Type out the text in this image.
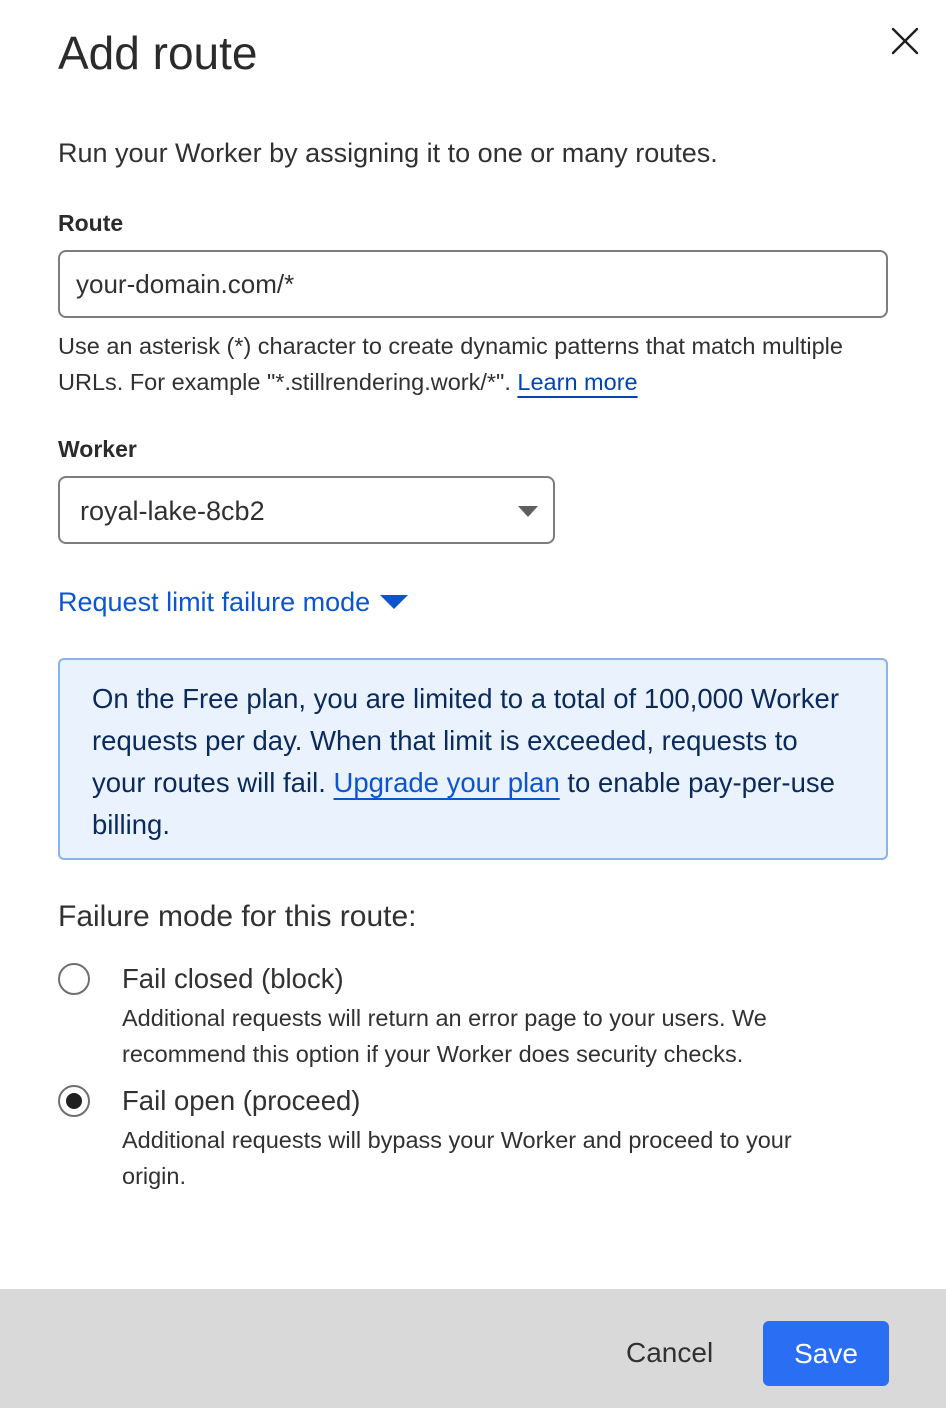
Add route
Run your Worker by assigning it to one or many routes.
Route
your-domain.com/*
Use an asterisk (*) character to create dynamic patterns that match multiple URLs. For example "*.stillrendering.work/*". Learn more
Worker
royal-lake-8cb2
Request limit failure mode
On the Free plan, you are limited to a total of 100,000 Worker requests per day. When that limit is exceeded, requests to your routes will fail. Upgrade your plan to enable pay-per-use billing.
Failure mode for this route:
Fail closed (block)
Additional requests will return an error page to your users. We recommend this option if your Worker does security checks.
Fail open (proceed)
Additional requests will bypass your Worker and proceed to your origin.
Cancel	Save
